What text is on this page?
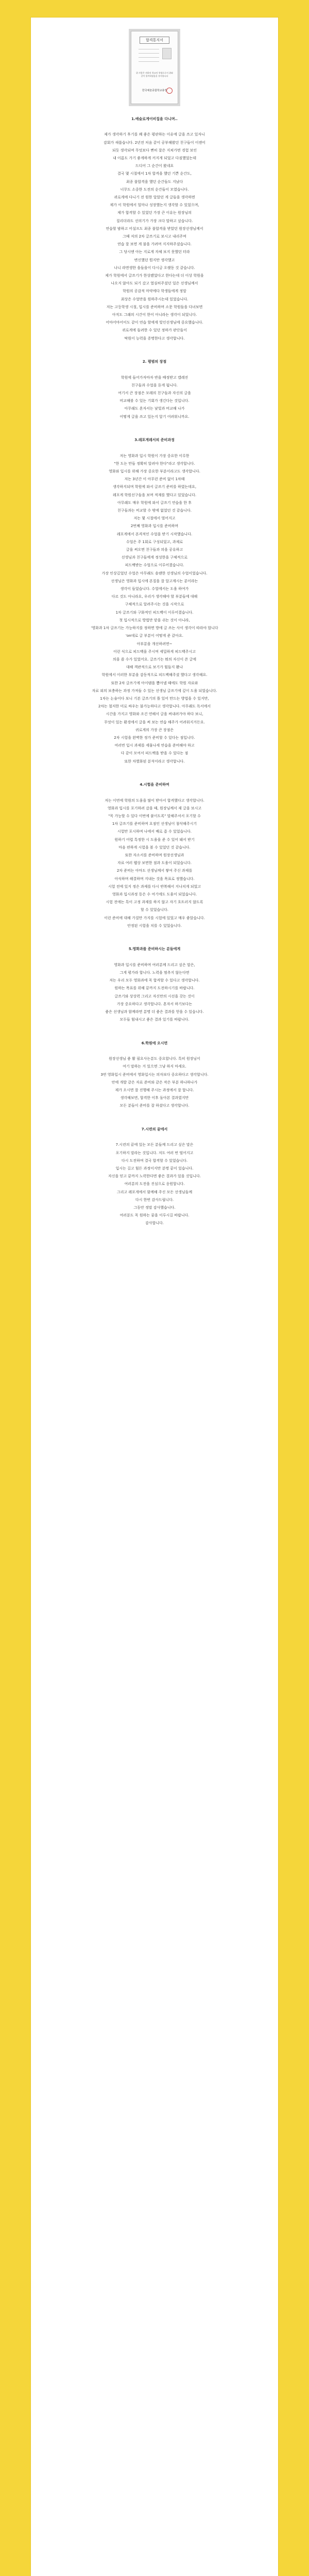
합격통지서
위 사람은 귀하의 학교의 학생으로서 위와 같이 합격하였음을 통지합니다
한국예술종합학교총장

1.예술로게이비집을 다니며..

제가 생각하기 후기를 꽤 좋은 평판하는 이유에 글을 쓰고 있자니
감회가 새롭습니다. 2년전 처음 같이 공부해왔던 친구들이 이젠이
되듯 생각되며 무엇보다 뻔히 잘은 지쳐가면 경험 보인
내 이름도 가기 좋게하게 커지게 되었고 다짐했었는데
드디어 그 순간이 왔네요
결국 몇 시절에서 1차 합격을 했던 기쁜 순간도,
최종 불합격을 했던 순간들도 지났다
너무도 소중한 도전의 순간들이 모였습니다.
귀로게에 다니기 전 원한 알았던 게 글들을 생각하면
제가 이 학원에서 얼마나 성장했는지 생각할 수 있었으며,
제가 합격할 수 있었던 가장 큰 이유는 원장님의
질리더라도 선의기가 가장 크다 말하고 싶습니다.
연습할 밤하고 어설프도 최종 불합격을 받았던 원장선생님께서
그때 저의 2차 글쓰기로 보시고 내리주며
연습 잘 보면 게 불을 가려며 지지하주셨습니다.
그 당시엔 아는 지로게 자체 보지 못했던 터라
변신했던 뭔지만 생각했고
나니 라면생한 을들을이 다시금 오랫동 것 같습니다.
제가 학원에서 글쓰기가 한상됐었다고 한다는데 더 이상 학원을
나오지 않아도 되기 갔고 열심히주셨던 일은 선생님께서
학원의 공감적 마약에다 학생들에게 정말
최상은 수업만을 원하주시는데 있었습니다.
저는 고등학생 시절, 입시를 준비하며 소문 학원들을 다녀보면
아직도 그래의 시간이 한이 아니라는 생각이 되었니다.
어마어마어이도 같이 연습 할에게 빛인선생님에 중요했습니다.
귀로게에 들려한 수 있던 정하가 판단들이
딱원이 능력을 증명한다고 생각합니다.

2. 평범의 장점

학원에 들어가자마자 반을 배정받고 캡레진
친구들과 수업을 듣게 됩니다.
여기서 큰 장점은 모레의 친구들과 자신의 글을
비교해볼 수 있는 기회가 생긴다는 것입니다.
아무래도 혼자서는 낯빛과 비교해 나가
어떻게 글을 쓰고 있는지 알기 어려워니까요.

3.레포게레서의 준비과정

저는 영화과 입시 학원이 가장 중요한 이루한
"한 도는 만들 정확히 알려야 한다"라고 생각합니다.
영화와 입시를 위해 가장 중요한 부분이라고도 생각합니다.
저는 3년간 이 아무런 준비 없이 1차때
생각하지되며 학원에 와서 글쓰기 준비를 하였는데요,
레포게 학원선구들을 보며 적재를 했다고 있었습니다.
아무래도 매우 학원에 와서 글쓰기 연습을 한 후
친구들과는 비교할 수 밖에 없었던 것 같습니다.
저는 몇 시절에서 벌어지고
2번째 영화과 입시를 준비하며
레포게에서 본격적인 수업을 받기 시작했습니다.
수업은 주 1회로 구성되었고, 과제로
글을 써오면 친구들과 의을 공유하고
선생님과 친구들에게 정성한을 구체적으로
피드백받는 수업으로 이루어졌습니다.
가장 인상깊었던 수업은 아무래도 솔랜한 선생님의 수업이었습니다.
선생님은 영화과 입시에 본질을 잘 알고계시는 분이라는
생각이 들었습니다. 수업에서는 도움 하여가
다르 것도 아니라요, 우리가 생각해야 할 부분들에 대해
구체적으로 알려주시는 것을 시작으로
1차 글쓰기와 구화적인 피드백이 이루어졌습니다.
첫 입시적으로 방법만 맡을 쉬는 것이 아니라,
'영화과 1차 글쓰기는 가능하지를 정하면 방에 글 쓰는 사이 생각이 따라야 합니다
'on데로 글 부분이 어떻게 준 같아요.
아부분을 개선하려면~
이런 식으로 피드백을 주시며 세밀하게 피드백주시고
의을 쓸 수가 있었어요. 글쓰기는 뭐의 자신이 쓴 글에
대해 객관적으로 보기가 힘들지 봤나
학원에서 이러한 부분을 감동적으로 피드백해주셨 했다고 생각해요.
또한 2차 글쓰기에 아이템을 뽑아낼 때에도 학원 자료와
자료 외의 보충하는 과정 가져들 수 있는 선생님 글쓰기에 깊이 도움 되었습니다.
1차는 논술이다 보니 기본 글쓰기의 틀 있어 만드는 방법을 수 있지만,
2차는 철저한 미로 싸우는 불가능하다고 생각합니다. 아무래도 독서에서
시간을 가지고 영화와 조건 연해서 글을 써내려가야 하다 보니,
무엇이 있는 환경에서 글을 써 보는 연습 해주가 어려워지거든요.
귀로게의 가장 큰 장점은
2차 시험을 완벽한 정가 준비할 수 있다는 점입니다.
여러번 입시 과제를 세물나세 연습을 준비해야 하고
다 같이 모여서 피드백을 받을 수 있다는 점
또한 차별화된 분석이라고 생각합니다.

4.시험을 준비하며

저는 이번에 학원의 도움을 많이 받아서 합격했다고 생각합니다.
영화과 입시를 포기하려 갔을 때, 원장님께서 제 글을 보시고
"꼭 가능할 수 있다 이번에 붙이도록" 말해주셔서 포기할 수
1차 글쓰기를 준비하며 요점인 선생님이 첨삭해주시기
시험만 포시하며 나에서 배로 좀 수 있었습니다.
원하기 어렵 특정한 시 도움을 준 수 있어 돼서 받기
마음 편하게 시험을 볼 수 있었던 것 같습니다.
또한 자소서를 준비하며 원장선생님과
자료 여러 웹상 보면한 점과 도움이 되었습니다.
2차 준비는 아마도 선생님께서 쌓여 주신 과제를
아식하며 해결하며 지내는 것을 목표로 정했습니다.
시험 전에 있지 정은 과제를 다시 반복해서 지나치게 되었고
영화과 입시과정 동은 수 여기에도 도움이 되었습니다.
시험 전에는 특이 고정 과제를 하지 않고 자기 흐트러지 않도록
할 수 있었습니다.
이런 준비에 대해 가질만 가지를 시험에 있었고 매우 좋았습니다.
안정된 시험을 치를 수 있었습니다.

5.영화과를 준비하시는 분들에게

영화과 입시를 준비하며 여러분께 드리고 싶은 말은,
그게 평가라 합니다. 노력을 멈추지 않는다면
저는 우리 모두 영화과에 꼭 합격할 수 있다고 생각합니다.
원하는 목표를 위해 끝까지 도전하시기를 바랍니다.
글쓰기와 상상력 그리고 자신만의 시선을 갖는 것이
가장 중요하다고 생각합니다. 혼자서 하기보다는
좋은 선생님과 함께라면 분명 더 좋은 결과를 얻을 수 있습니다.
모두들 힘내시고 좋은 결과 있기를 바랍니다.

6.학원에 오시면

원장선생님 좋 활 필요사는분도 중요합니다. 특히 원장님이
여기 말하는 거 있으면 그냥 하지 마세요.
3번 영화입시 준비에서 영화입시는 의자보다 중요하다고 생각합니다.
안에 개발 같은 자료 준비와 같은 작은 부분 하나하나가
제가 오시면 잘 진행해 주시는 과정에서 잘 합니다.
생각해보면, 합격한 이후 돌아본 결과였지만
모든 분들이 준비를 잘 하셨다고 생각합니다.

7.시련의 끝에서

7.시련의 끝에 있는 모든 분들께 드리고 싶은 말은
포기하지 말라는 것입니다. 저도 여러 번 떨어지고
다시 도전하며 결국 합격할 수 있었습니다.
입시는 길고 힘든 과정이지만 분명 끝이 있습니다.
자신을 믿고 끝까지 노력한다면 좋은 결과가 있을 것입니다.
여러분의 도전을 진심으로 응원합니다.
그리고 레포게에서 함께해 주신 모든 선생님들께
다시 한번 감사드립니다.
그동안 정말 감사했습니다.
여러분도 꼭 원하는 꿈을 이루시길 바랍니다.
감사합니다.
